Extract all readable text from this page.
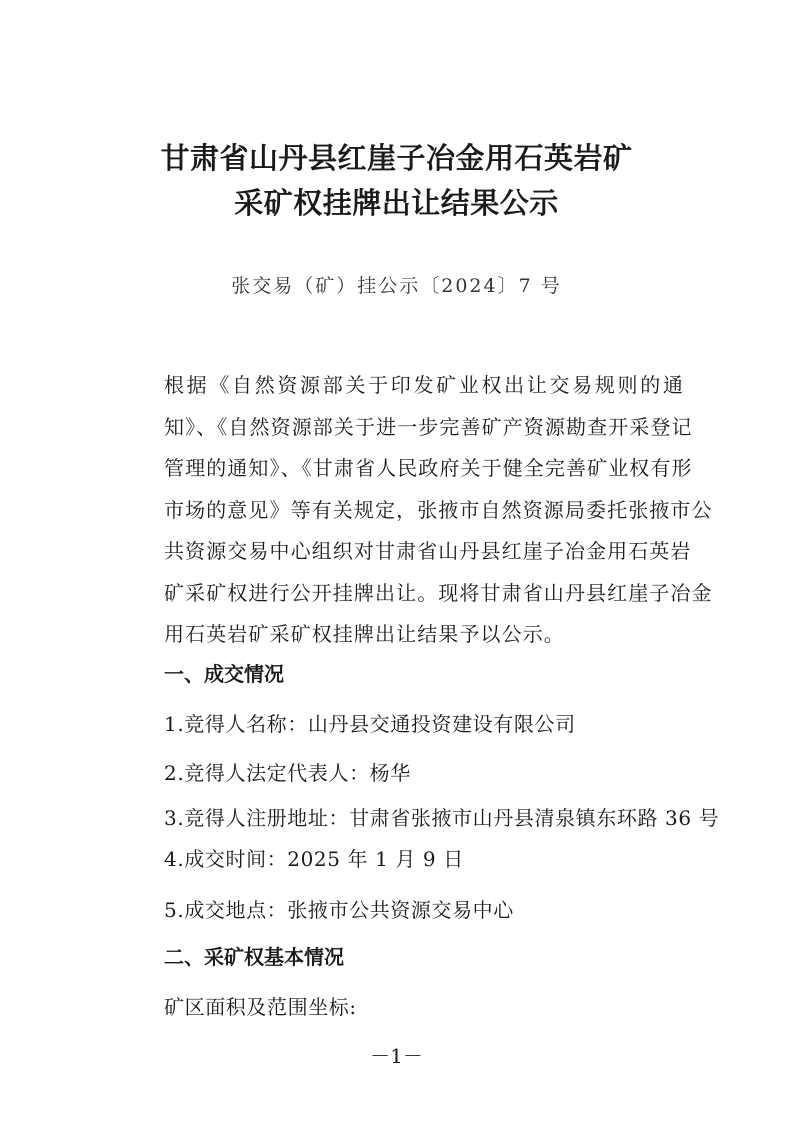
甘肃省山丹县红崖子冶金用石英岩矿
采矿权挂牌出让结果公示
张交易（矿）挂公示〔2024〕7 号
根据《自然资源部关于印发矿业权出让交易规则的通
知》、《自然资源部关于进一步完善矿产资源勘查开采登记
管理的通知》、《甘肃省人民政府关于健全完善矿业权有形
市场的意见》等有关规定，张掖市自然资源局委托张掖市公
共资源交易中心组织对甘肃省山丹县红崖子冶金用石英岩
矿采矿权进行公开挂牌出让。现将甘肃省山丹县红崖子冶金
用石英岩矿采矿权挂牌出让结果予以公示。
一、成交情况
1.竞得人名称：山丹县交通投资建设有限公司
2.竞得人法定代表人：杨华
3.竞得人注册地址：甘肃省张掖市山丹县清泉镇东环路 36 号
4.成交时间：2025 年 1 月 9 日
5.成交地点：张掖市公共资源交易中心
二、采矿权基本情况
矿区面积及范围坐标:
－1－
